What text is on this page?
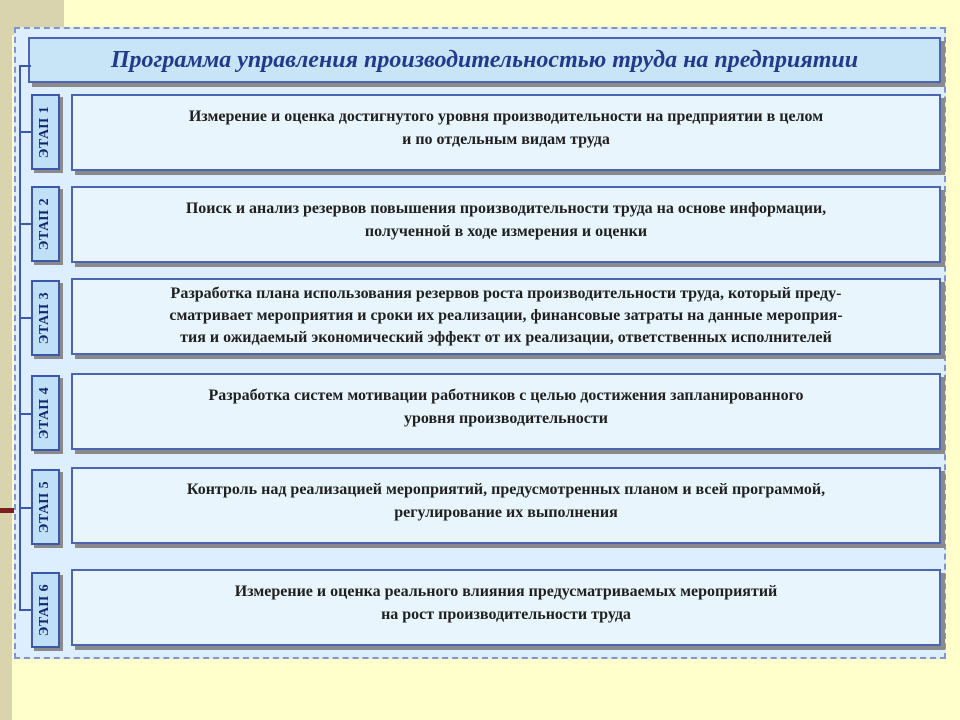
Программа управления производительностью труда на предприятии
ЭТАП 1	Измерение и оценка достигнутого уровня производительности на предприятии в целом
и по отдельным видам труда
ЭТАП 2	Поиск и анализ резервов повышения производительности труда на основе информации,
полученной в ходе измерения и оценки
ЭТАП 3	Разработка плана использования резервов роста производительности труда, который преду-
сматривает мероприятия и сроки их реализации, финансовые затраты на данные мероприя-
тия и ожидаемый экономический эффект от их реализации, ответственных исполнителей
ЭТАП 4	Разработка систем мотивации работников с целью достижения запланированного
уровня производительности
ЭТАП 5	Контроль над реализацией мероприятий, предусмотренных планом и всей программой,
регулирование их выполнения
ЭТАП 6	Измерение и оценка реального влияния предусматриваемых мероприятий
на рост производительности труда
